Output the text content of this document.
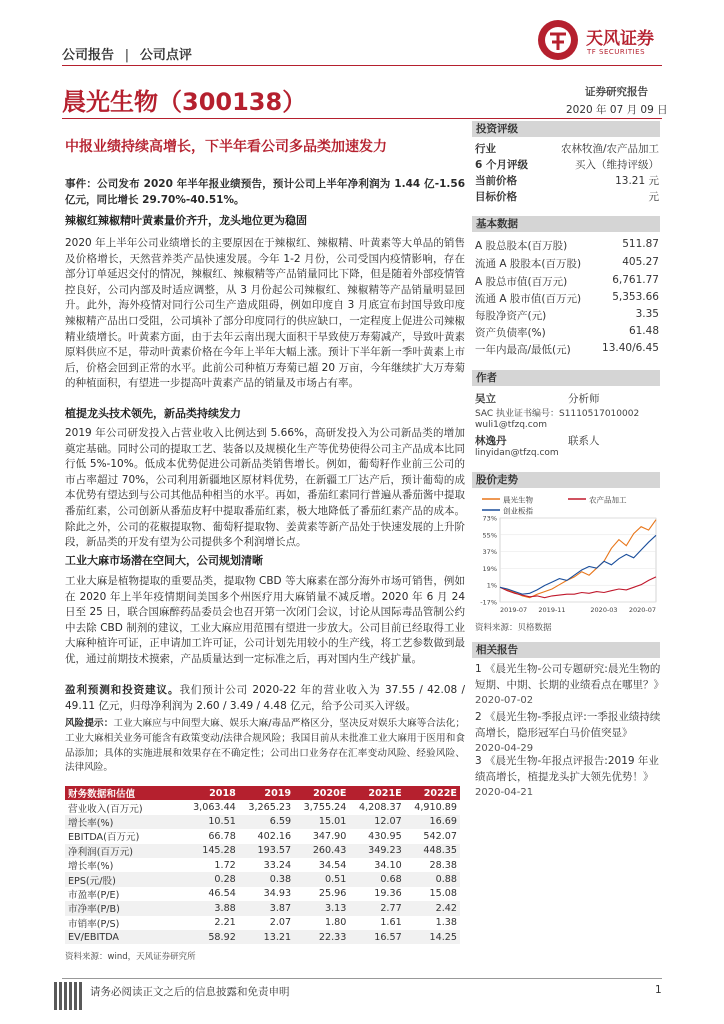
公司报告 | 公司点评
天风证券
TF SECURITIES
晨光生物（300138）	证券研究报告
2020 年 07 月 09 日
中报业绩持续高增长，下半年看公司多品类加速发力
事件：公司发布 2020 年半年报业绩预告，预计公司上半年净利润为 1.44 亿-1.56 亿元，同比增长 29.70%-40.51%。
辣椒红辣椒精叶黄素量价齐升，龙头地位更为稳固
2020 年上半年公司业绩增长的主要原因在于辣椒红、辣椒精、叶黄素等大单品的销售及价格增长，天然营养类产品快速发展。今年 1-2 月份，公司受国内疫情影响，存在部分订单延迟交付的情况，辣椒红、辣椒精等产品销量同比下降，但是随着外部疫情管控良好，公司内部及时适应调整，从 3 月份起公司辣椒红、辣椒精等产品销量明显回升。此外，海外疫情对同行公司生产造成阻碍，例如印度自 3 月底宣布封国导致印度辣椒精产品出口受阻，公司填补了部分印度同行的供应缺口，一定程度上促进公司辣椒精业绩增长。叶黄素方面，由于去年云南出现大面积干旱致使万寿菊减产，导致叶黄素原料供应不足，带动叶黄素价格在今年上半年大幅上涨。预计下半年新一季叶黄素上市后，价格会回到正常的水平。此前公司种植万寿菊已超 20 万亩，今年继续扩大万寿菊的种植面积，有望进一步提高叶黄素产品的销量及市场占有率。
植提龙头技术领先，新品类持续发力
2019 年公司研发投入占营业收入比例达到 5.66%，高研发投入为公司新品类的增加奠定基础。同时公司的提取工艺、装备以及规模化生产等优势使得公司主产品成本比同行低 5%-10%。低成本优势促进公司新品类销售增长。例如，葡萄籽作业前三公司的市占率超过 70%，公司利用新疆地区原材料优势，在新疆工厂达产后，预计葡萄的成本优势有望达到与公司其他品种相当的水平。再如，番茄红素同行普遍从番茄酱中提取番茄红素，公司创新从番茄皮籽中提取番茄红素，极大地降低了番茄红素产品的成本。除此之外，公司的花椒提取物、葡萄籽提取物、姜黄素等新产品处于快速发展的上升阶段，新品类的开发有望为公司提供多个利润增长点。
工业大麻市场潜在空间大，公司规划清晰
工业大麻是植物提取的重要品类，提取物 CBD 等大麻素在部分海外市场可销售，例如在 2020 年上半年疫情期间美国多个州医疗用大麻销量不减反增。2020 年 6 月 24 日至 25 日，联合国麻醉药品委员会也召开第一次闭门会议，讨论从国际毒品管制公约中去除 CBD 制剂的建议，工业大麻应用范围有望进一步放大。公司目前已经取得工业大麻种植许可证，正申请加工许可证，公司计划先用较小的生产线，将工艺参数做到最优，通过前期技术摸索，产品质量达到一定标准之后，再对国内生产线扩量。
盈利预测和投资建议。我们预计公司 2020-22 年的营业收入为 37.55 / 42.08 / 49.11 亿元，归母净利润为 2.60 / 3.49 / 4.48 亿元，给予公司买入评级。
风险提示：工业大麻应与中间型大麻、娱乐大麻/毒品严格区分，坚决反对娱乐大麻等合法化；工业大麻相关业务可能含有政策变动/法律合规风险；我国目前从未批准工业大麻用于医用和食品添加；具体的实施进展和效果存在不确定性；公司出口业务存在汇率变动风险、经验风险、法律风险。
财务数据和估值	2018	2019	2020E	2021E	2022E
营业收入(百万元)	3,063.44	3,265.23	3,755.24	4,208.37	4,910.89
增长率(%)	10.51	6.59	15.01	12.07	16.69
EBITDA(百万元)	66.78	402.16	347.90	430.95	542.07
净利润(百万元)	145.28	193.57	260.43	349.23	448.35
增长率(%)	1.72	33.24	34.54	34.10	28.38
EPS(元/股)	0.28	0.38	0.51	0.68	0.88
市盈率(P/E)	46.54	34.93	25.96	19.36	15.08
市净率(P/B)	3.88	3.87	3.13	2.77	2.42
市销率(P/S)	2.21	2.07	1.80	1.61	1.38
EV/EBITDA	58.92	13.21	22.33	16.57	14.25
资料来源：wind，天风证券研究所
投资评级
行业	农林牧渔/农产品加工
6 个月评级	买入（维持评级）
当前价格	13.21 元
目标价格	元
基本数据
A 股总股本(百万股)	511.87
流通 A 股股本(百万股)	405.27
A 股总市值(百万元)	6,761.77
流通 A 股市值(百万元)	5,353.66
每股净资产(元)	3.35
资产负债率(%)	61.48
一年内最高/最低(元)	13.40/6.45
作者
吴立	分析师
SAC 执业证书编号：S1110517010002
wuli1@tfzq.com
林逸丹	联系人
linyidan@tfzq.com
股价走势
晨光生物	农产品加工
创业板指
73%
55%
37%
19%
1%
-17%
2019-07 2019-11	2020-03 2020-07
资料来源：贝格数据
相关报告
1 《晨光生物-公司专题研究:晨光生物的短期、中期、长期的业绩看点在哪里？》
2020-07-02
2 《晨光生物-季报点评:一季报业绩持续高增长，隐形冠军白马价值突显》
2020-04-29
3 《晨光生物-年报点评报告:2019 年业绩高增长，植提龙头扩大领先优势！》
2020-04-21
请务必阅读正文之后的信息披露和免责申明	1
